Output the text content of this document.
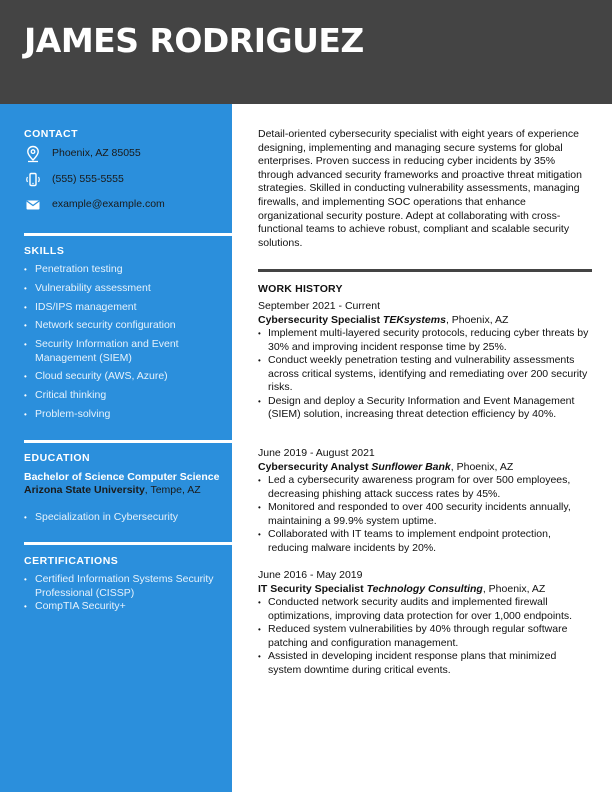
JAMES RODRIGUEZ
CONTACT
Phoenix, AZ 85055
(555) 555-5555
example@example.com
SKILLS
• Penetration testing
• Vulnerability assessment
• IDS/IPS management
• Network security configuration
• Security Information and Event Management (SIEM)
• Cloud security (AWS, Azure)
• Critical thinking
• Problem-solving
EDUCATION
Bachelor of Science Computer Science
Arizona State University, Tempe, AZ
• Specialization in Cybersecurity
CERTIFICATIONS
• Certified Information Systems Security Professional (CISSP)
• CompTIA Security+
Detail-oriented cybersecurity specialist with eight years of experience designing, implementing and managing secure systems for global enterprises. Proven success in reducing cyber incidents by 35% through advanced security frameworks and proactive threat mitigation strategies. Skilled in conducting vulnerability assessments, managing firewalls, and implementing SOC operations that enhance organizational security posture. Adept at collaborating with cross-functional teams to achieve robust, compliant and scalable security solutions.
WORK HISTORY

September 2021 - Current

Cybersecurity Specialist TEKsystems, Phoenix, AZ

• Implement multi-layered security protocols, reducing cyber threats by 30% and improving incident response time by 25%.
• Conduct weekly penetration testing and vulnerability assessments across critical systems, identifying and remediating over 200 security risks.
• Design and deploy a Security Information and Event Management (SIEM) solution, increasing threat detection efficiency by 40%.

June 2019 - August 2021

Cybersecurity Analyst Sunflower Bank, Phoenix, AZ

• Led a cybersecurity awareness program for over 500 employees, decreasing phishing attack success rates by 45%.
• Monitored and responded to over 400 security incidents annually, maintaining a 99.9% system uptime.
• Collaborated with IT teams to implement endpoint protection, reducing malware incidents by 20%.

June 2016 - May 2019

IT Security Specialist Technology Consulting, Phoenix, AZ

• Conducted network security audits and implemented firewall optimizations, improving data protection for over 1,000 endpoints.
• Reduced system vulnerabilities by 40% through regular software patching and configuration management.
• Assisted in developing incident response plans that minimized system downtime during critical events.
